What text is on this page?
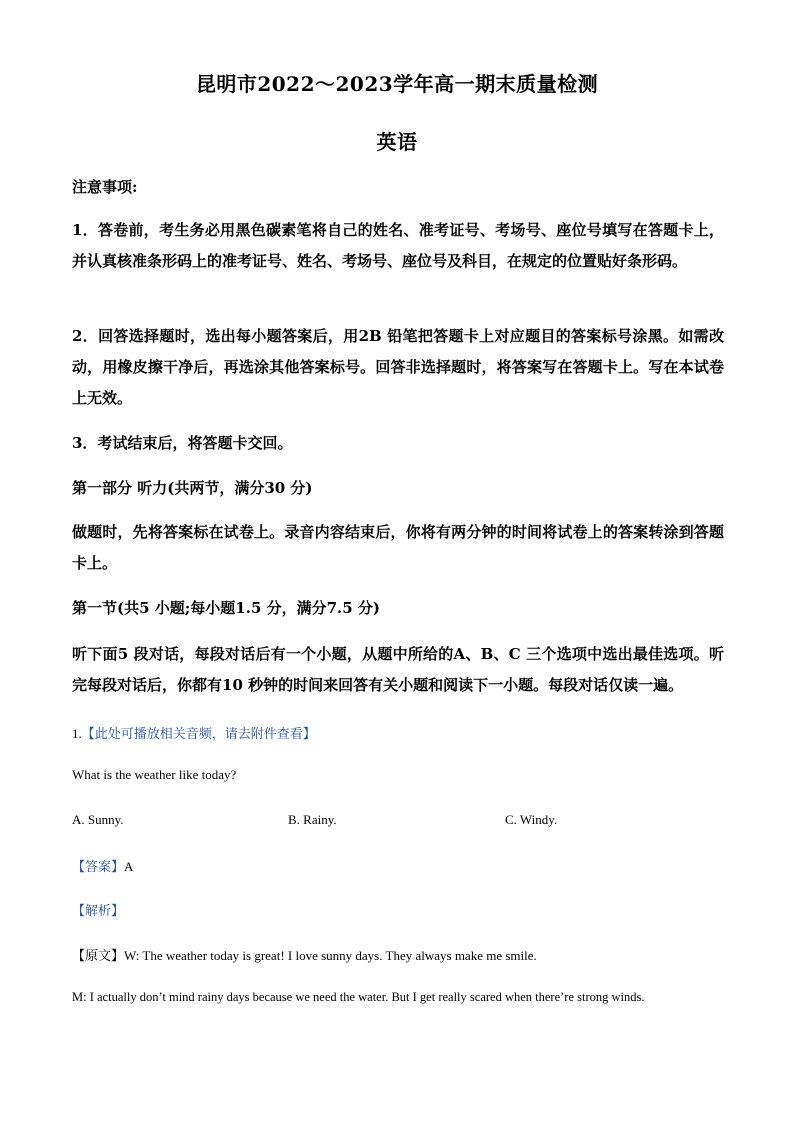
昆明市2022～2023学年高一期末质量检测
英语
注意事项:
1．答卷前，考生务必用黑色碳素笔将自己的姓名、准考证号、考场号、座位号填写在答题卡上，并认真核准条形码上的准考证号、姓名、考场号、座位号及科目，在规定的位置贴好条形码。
2．回答选择题时，选出每小题答案后，用2B 铅笔把答题卡上对应题目的答案标号涂黑。如需改动，用橡皮擦干净后，再选涂其他答案标号。回答非选择题时，将答案写在答题卡上。写在本试卷上无效。
3．考试结束后，将答题卡交回。
第一部分 听力(共两节，满分30 分)
做题时，先将答案标在试卷上。录音内容结束后，你将有两分钟的时间将试卷上的答案转涂到答题卡上。
第一节(共5 小题;每小题1.5 分，满分7.5 分)
听下面5 段对话，每段对话后有一个小题，从题中所给的A、B、C 三个选项中选出最佳选项。听完每段对话后，你都有10 秒钟的时间来回答有关小题和阅读下一小题。每段对话仅读一遍。
1.【此处可播放相关音频，请去附件查看】
What is the weather like today?
A. Sunny.	B. Rainy.	C. Windy.
【答案】A
【解析】
【原文】W: The weather today is great! I love sunny days. They always make me smile.
M: I actually don’t mind rainy days because we need the water. But I get really scared when there’re strong winds.
